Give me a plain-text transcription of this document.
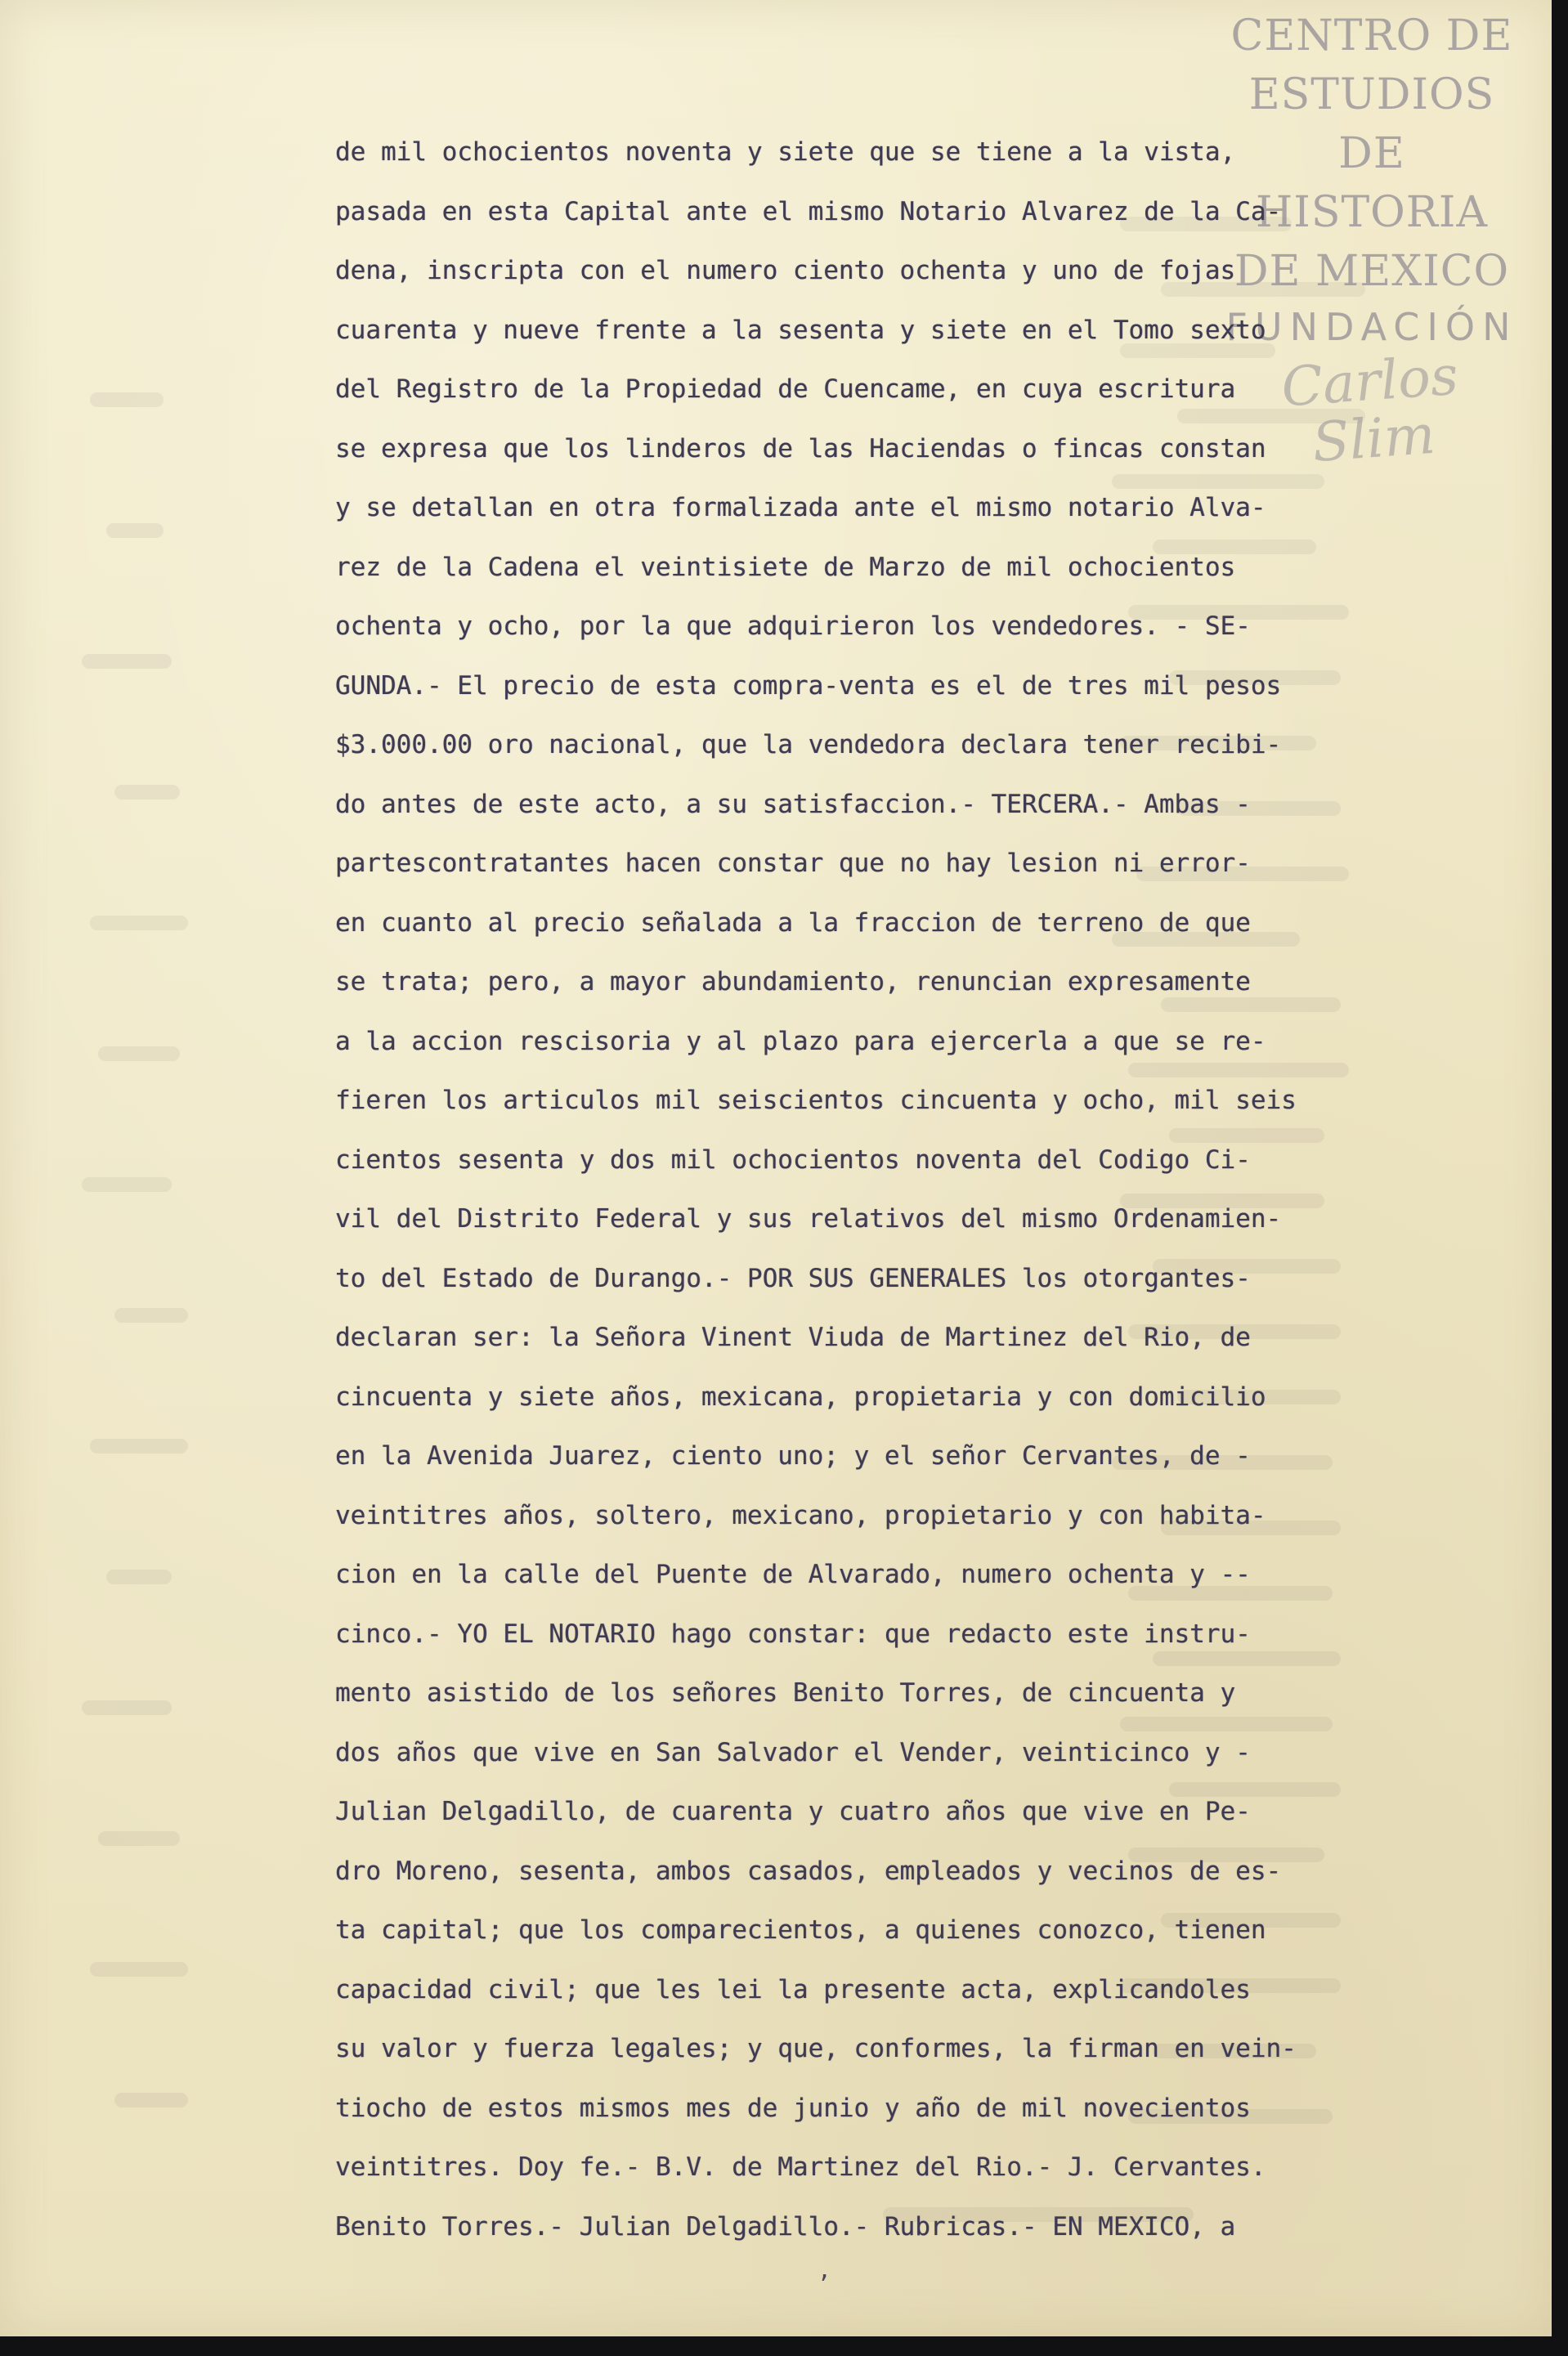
CENTRO DE
ESTUDIOS
DE HISTORIA
DE MEXICO
FUNDACIÓN
Carlos Slim
de mil ochocientos noventa y siete que se tiene a la vista,
pasada en esta Capital ante el mismo Notario Alvarez de la Ca-
dena, inscripta con el numero ciento ochenta y uno de fojas
cuarenta y nueve frente a la sesenta y siete en el Tomo sexto
del Registro de la Propiedad de Cuencame, en cuya escritura
se expresa que los linderos de las Haciendas o fincas constan
y se detallan en otra formalizada ante el mismo notario Alva-
rez de la Cadena el veintisiete de Marzo de mil ochocientos
ochenta y ocho, por la que adquirieron los vendedores. - SE-
GUNDA.- El precio de esta compra-venta es el de tres mil pesos
$3.000.00 oro nacional, que la vendedora declara tener recibi-
do antes de este acto, a su satisfaccion.- TERCERA.- Ambas -
partescontratantes hacen constar que no hay lesion ni error-
en cuanto al precio señalada a la fraccion de terreno de que
se trata; pero, a mayor abundamiento, renuncian expresamente
a la accion rescisoria y al plazo para ejercerla a que se re-
fieren los articulos mil seiscientos cincuenta y ocho, mil seis
cientos sesenta y dos mil ochocientos noventa del Codigo Ci-
vil del Distrito Federal y sus relativos del mismo Ordenamien-
to del Estado de Durango.- POR SUS GENERALES los otorgantes-
declaran ser: la Señora Vinent Viuda de Martinez del Rio, de
cincuenta y siete años, mexicana, propietaria y con domicilio
en la Avenida Juarez, ciento uno; y el señor Cervantes, de -
veintitres años, soltero, mexicano, propietario y con habita-
cion en la calle del Puente de Alvarado, numero ochenta y --
cinco.- YO EL NOTARIO hago constar: que redacto este instru-
mento asistido de los señores Benito Torres, de cincuenta y
dos años que vive en San Salvador el Vender, veinticinco y -
Julian Delgadillo, de cuarenta y cuatro años que vive en Pe-
dro Moreno, sesenta, ambos casados, empleados y vecinos de es-
ta capital; que los comparecientos, a quienes conozco, tienen
capacidad civil; que les lei la presente acta, explicandoles
su valor y fuerza legales; y que, conformes, la firman en vein-
tiocho de estos mismos mes de junio y año de mil novecientos
veintitres. Doy fe.- B.V. de Martinez del Rio.- J. Cervantes.
Benito Torres.- Julian Delgadillo.- Rubricas.- EN MEXICO, a
‚
